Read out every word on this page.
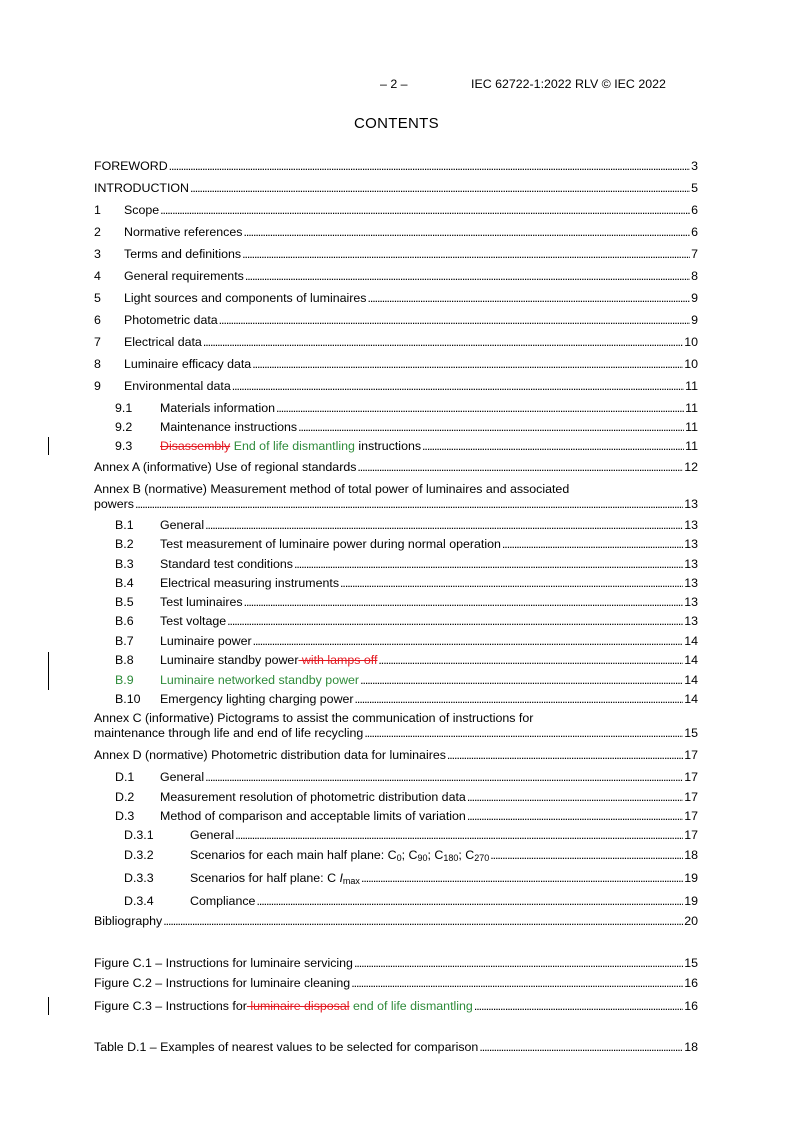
– 2 –	IEC 62722-1:2022 RLV © IEC 2022
CONTENTS
FOREWORD . . .	3
INTRODUCTION . . .	5
1	Scope . . .	6
2	Normative references . . .	6
3	Terms and definitions . . .	7
4	General requirements . . .	8
5	Light sources and components of luminaires . . .	9
6	Photometric data . . .	9
7	Electrical data . . .	10
8	Luminaire efficacy data . . .	10
9	Environmental data . . .	11
9.1	Materials information . . .	11
9.2	Maintenance instructions . . .	11
9.3	Disassembly End of life dismantling instructions . . .	11
Annex A (informative) Use of regional standards . . .	12
Annex B (normative) Measurement method of total power of luminaires and associated
powers . . .	13
B.1	General . . .	13
B.2	Test measurement of luminaire power during normal operation . . .	13
B.3	Standard test conditions . . .	13
B.4	Electrical measuring instruments . . .	13
B.5	Test luminaires . . .	13
B.6	Test voltage . . .	13
B.7	Luminaire power . . .	14
B.8	Luminaire standby power with lamps off . . .	14
B.9	Luminaire networked standby power . . .	14
B.10	Emergency lighting charging power . . .	14
Annex C (informative) Pictograms to assist the communication of instructions for
maintenance through life and end of life recycling . . .	15
Annex D (normative) Photometric distribution data for luminaires . . .	17
D.1	General . . .	17
D.2	Measurement resolution of photometric distribution data . . .	17
D.3	Method of comparison and acceptable limits of variation . . .	17
D.3.1	General . . .	17
D.3.2	Scenarios for each main half plane: $C_0$; $C_{90}$; $C_{180}$; $C_{270}$ . . .	18
D.3.3	Scenarios for half plane: C $I_{max}$ . . .	19
D.3.4	Compliance . . .	19
Bibliography . . .	20
Figure C.1 – Instructions for luminaire servicing . . .	15
Figure C.2 – Instructions for luminaire cleaning . . .	16
Figure C.3 – Instructions for luminaire disposal end of life dismantling . . .	16
Table D.1 – Examples of nearest values to be selected for comparison . . .	18
